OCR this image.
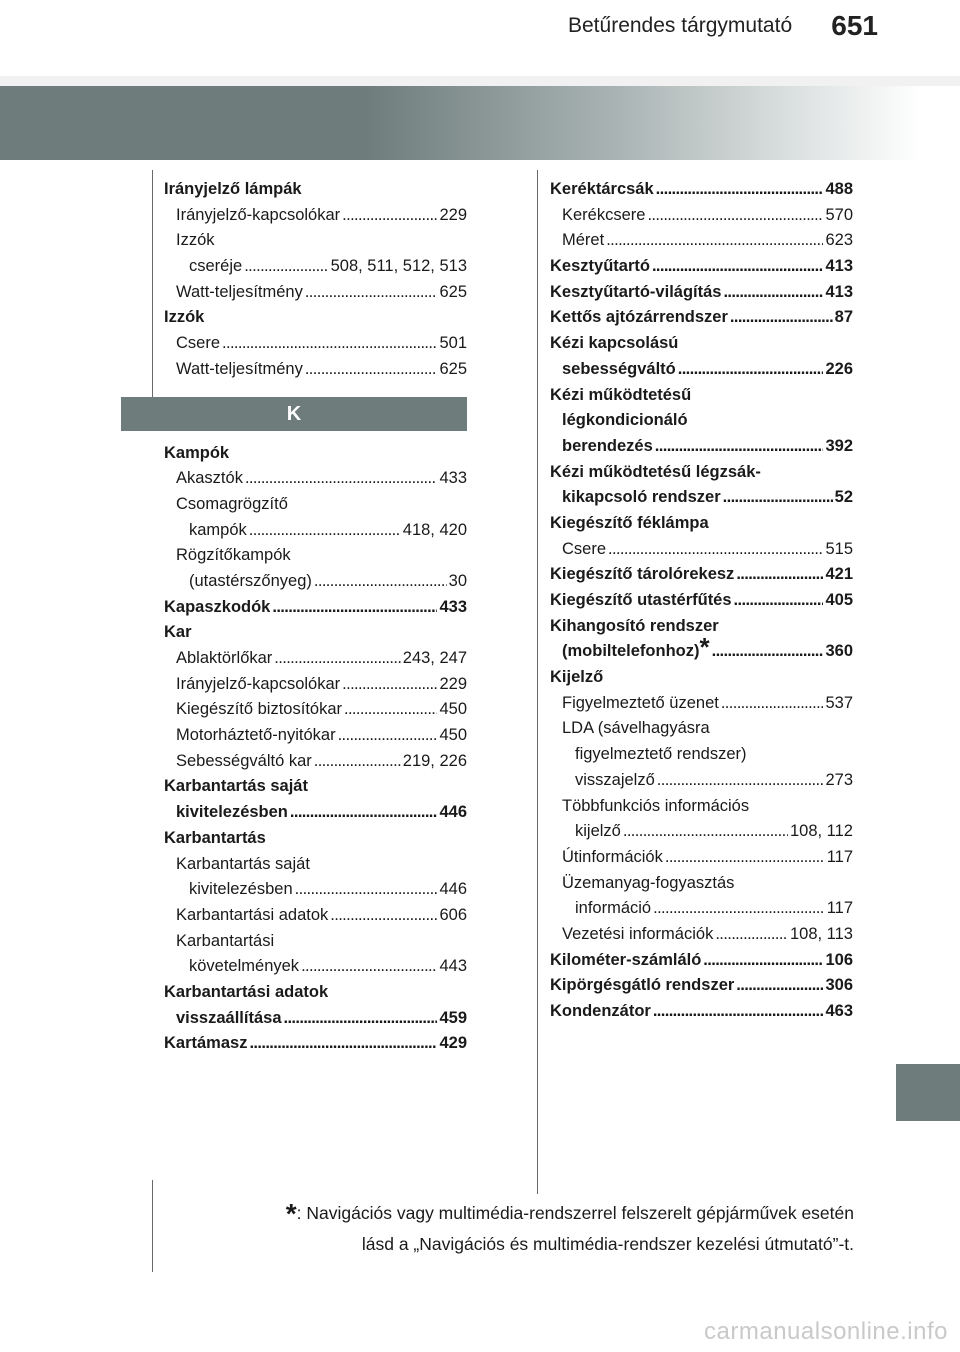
Betűrendes tárgymutató 651
Irányjelző lámpák
Irányjelző-kapcsolókar . . .	229
Izzók
cseréje . . .	508, 511, 512, 513
Watt-teljesítmény . . .	625
Izzók
Csere . . .	501
Watt-teljesítmény . . .	625
K
Kampók
Akasztók . . .	433
Csomagrögzítő
kampók . . .	418, 420
Rögzítőkampók
(utastérszőnyeg) . . .	30
Kapaszkodók . . .	433
Kar
Ablaktörlőkar . . .	243, 247
Irányjelző-kapcsolókar . . .	229
Kiegészítő biztosítókar . . .	450
Motorháztető-nyitókar . . .	450
Sebességváltó kar . . .	219, 226
Karbantartás saját
kivitelezésben . . .	446
Karbantartás
Karbantartás saját
kivitelezésben . . .	446
Karbantartási adatok . . .	606
Karbantartási
követelmények . . .	443
Karbantartási adatok
visszaállítása . . .	459
Kartámasz . . .	429
Keréktárcsák . . .	488
Kerékcsere . . .	570
Méret . . .	623
Kesztyűtartó . . .	413
Kesztyűtartó-világítás . . .	413
Kettős ajtózárrendszer . . .	87
Kézi kapcsolású
sebességváltó . . .	226
Kézi működtetésű
légkondicionáló
berendezés . . .	392
Kézi működtetésű légzsák-
kikapcsoló rendszer . . .	52
Kiegészítő féklámpa
Csere . . .	515
Kiegészítő tárolórekesz . . .	421
Kiegészítő utastérfűtés . . .	405
Kihangosító rendszer
(mobiltelefonhoz) * . . .	360
Kijelző
Figyelmeztető üzenet . . .	537
LDA (sávelhagyásra
figyelmeztető rendszer)
visszajelző . . .	273
Többfunkciós információs
kijelző . . .	108, 112
Útinformációk . . .	117
Üzemanyag-fogyasztás
információ . . .	117
Vezetési információk . . .	108, 113
Kilométer-számláló . . .	106
Kipörgésgátló rendszer . . .	306
Kondenzátor . . .	463
*: Navigációs vagy multimédia-rendszerrel felszerelt gépjárművek esetén
lásd a „Navigációs és multimédia-rendszer kezelési útmutató”-t.
carmanualsonline.info
